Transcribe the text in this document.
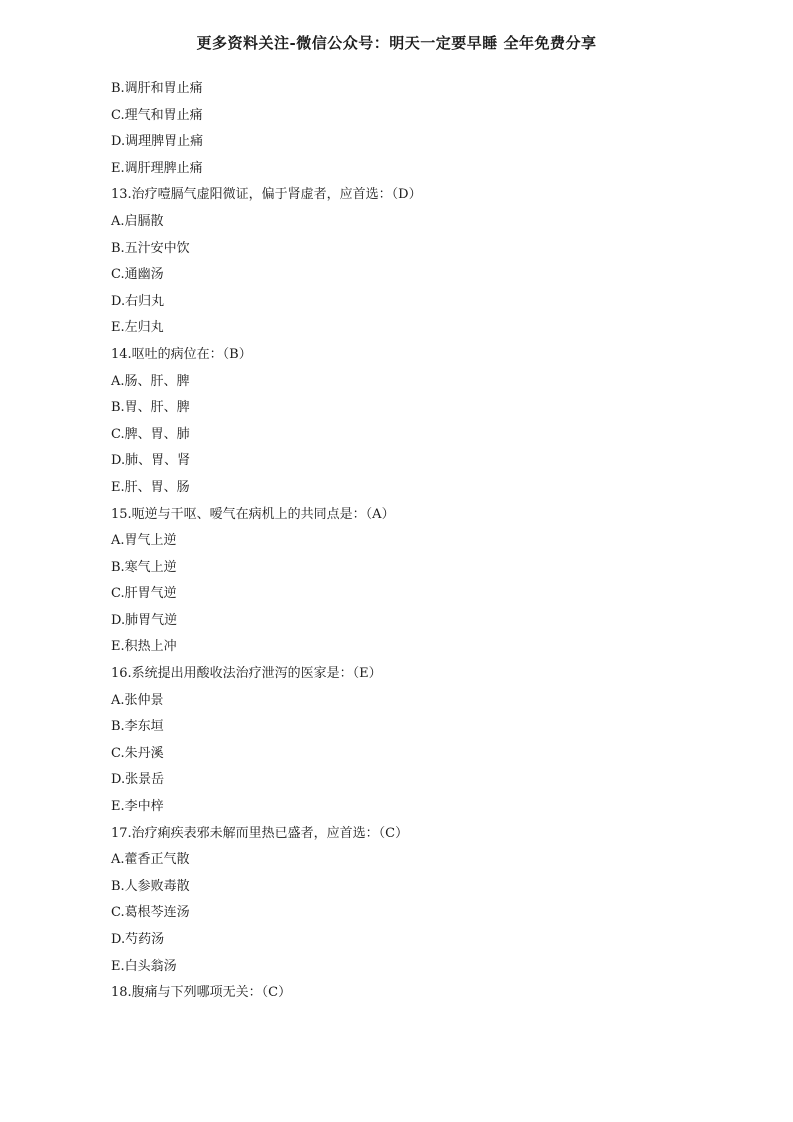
更多资料关注-微信公众号：明天一定要早睡 全年免费分享
B.调肝和胃止痛
C.理气和胃止痛
D.调理脾胃止痛
E.调肝理脾止痛
13.治疗噎膈气虚阳微证，偏于肾虚者，应首选：（D）
A.启膈散
B.五汁安中饮
C.通幽汤
D.右归丸
E.左归丸
14.呕吐的病位在：（B）
A.肠、肝、脾
B.胃、肝、脾
C.脾、胃、肺
D.肺、胃、肾
E.肝、胃、肠
15.呃逆与干呕、嗳气在病机上的共同点是：（A）
A.胃气上逆
B.寒气上逆
C.肝胃气逆
D.肺胃气逆
E.积热上冲
16.系统提出用酸收法治疗泄泻的医家是：（E）
A.张仲景
B.李东垣
C.朱丹溪
D.张景岳
E.李中梓
17.治疗痢疾表邪未解而里热已盛者，应首选：（C）
A.藿香正气散
B.人参败毒散
C.葛根芩连汤
D.芍药汤
E.白头翁汤
18.腹痛与下列哪项无关：（C）
